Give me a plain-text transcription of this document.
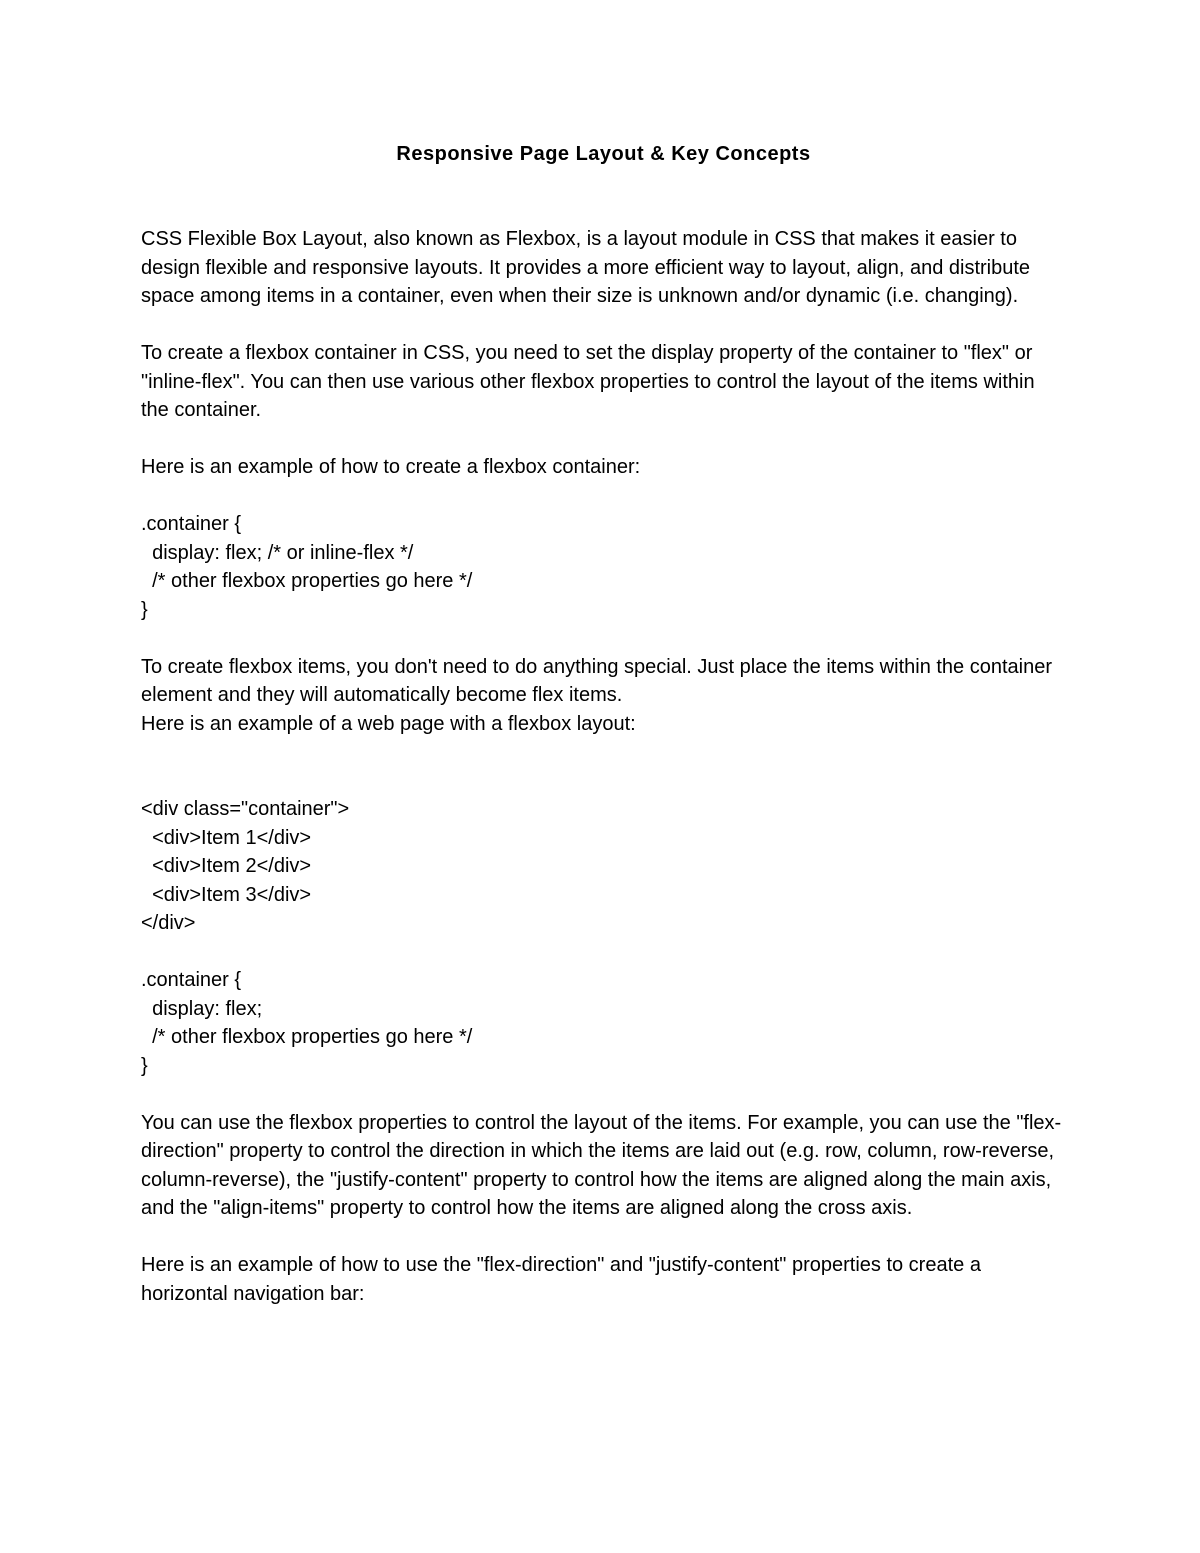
Responsive Page Layout & Key Concepts

CSS Flexible Box Layout, also known as Flexbox, is a layout module in CSS that makes it easier to design flexible and responsive layouts. It provides a more efficient way to layout, align, and distribute space among items in a container, even when their size is unknown and/or dynamic (i.e. changing).

To create a flexbox container in CSS, you need to set the display property of the container to "flex" or "inline-flex". You can then use various other flexbox properties to control the layout of the items within the container.

Here is an example of how to create a flexbox container:

.container {
display: flex; /* or inline-flex */
/* other flexbox properties go here */
}

To create flexbox items, you don't need to do anything special. Just place the items within the container element and they will automatically become flex items.

Here is an example of a web page with a flexbox layout:

<div class="container">
<div>Item 1</div>
<div>Item 2</div>
<div>Item 3</div>
</div>
.container {
display: flex;
/* other flexbox properties go here */
}

You can use the flexbox properties to control the layout of the items. For example, you can use the "flex-direction" property to control the direction in which the items are laid out (e.g. row, column, row-reverse, column-reverse), the "justify-content" property to control how the items are aligned along the main axis, and the "align-items" property to control how the items are aligned along the cross axis.

Here is an example of how to use the "flex-direction" and "justify-content" properties to create a horizontal navigation bar:
